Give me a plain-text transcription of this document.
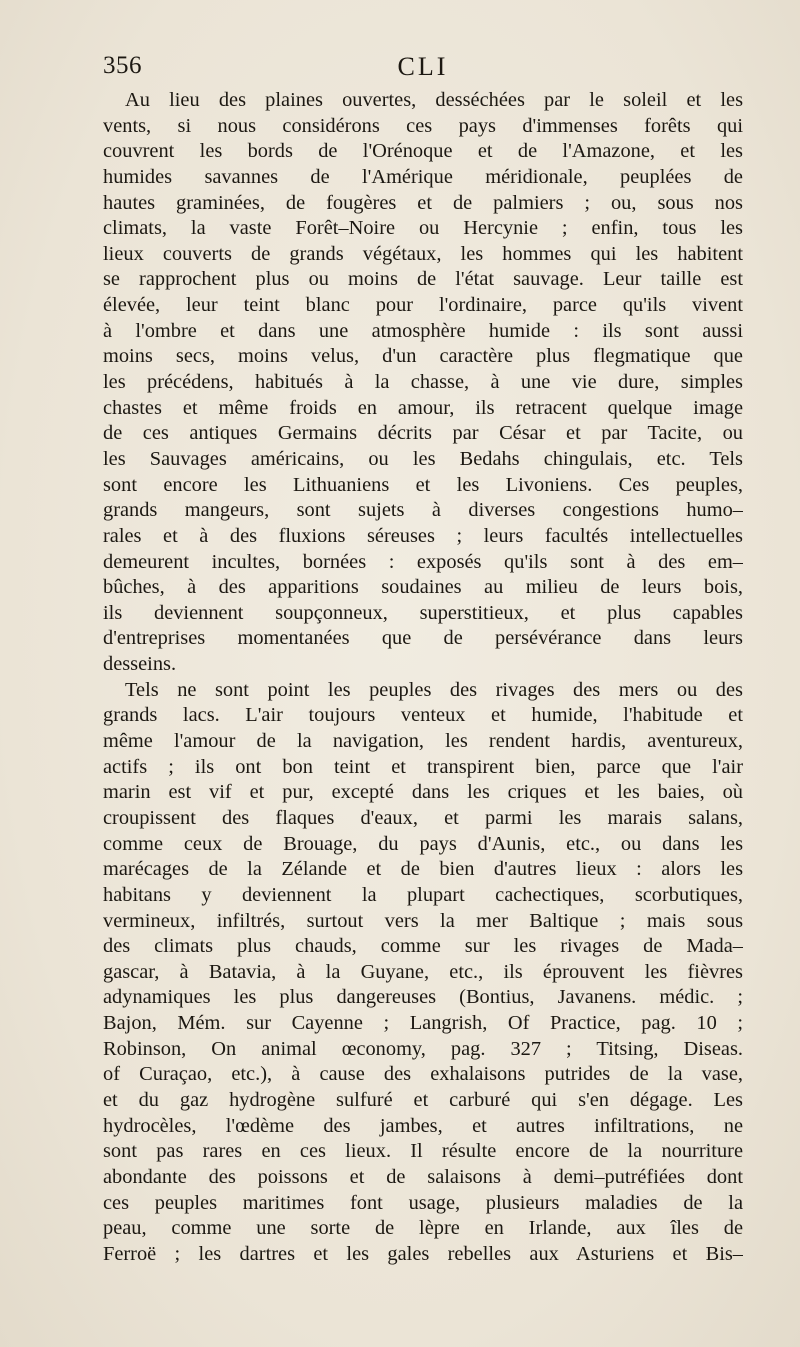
356	CLI
Au lieu des plaines ouvertes, desséchées par le soleil et les
vents, si nous considérons ces pays d'immenses forêts qui
couvrent les bords de l'Orénoque et de l'Amazone, et les
humides savannes de l'Amérique méridionale, peuplées de
hautes graminées, de fougères et de palmiers ; ou, sous nos
climats, la vaste Forêt–Noire ou Hercynie ; enfin, tous les
lieux couverts de grands végétaux, les hommes qui les habitent
se rapprochent plus ou moins de l'état sauvage. Leur taille est
élevée, leur teint blanc pour l'ordinaire, parce qu'ils vivent
à l'ombre et dans une atmosphère humide : ils sont aussi
moins secs, moins velus, d'un caractère plus flegmatique que
les précédens, habitués à la chasse, à une vie dure, simples
chastes et même froids en amour, ils retracent quelque image
de ces antiques Germains décrits par César et par Tacite, ou
les Sauvages américains, ou les Bedahs chingulais, etc. Tels
sont encore les Lithuaniens et les Livoniens. Ces peuples,
grands mangeurs, sont sujets à diverses congestions humo–
rales et à des fluxions séreuses ; leurs facultés intellectuelles
demeurent incultes, bornées : exposés qu'ils sont à des em–
bûches, à des apparitions soudaines au milieu de leurs bois,
ils deviennent soupçonneux, superstitieux, et plus capables
d'entreprises momentanées que de persévérance dans leurs
desseins.
Tels ne sont point les peuples des rivages des mers ou des
grands lacs. L'air toujours venteux et humide, l'habitude et
même l'amour de la navigation, les rendent hardis, aventureux,
actifs ; ils ont bon teint et transpirent bien, parce que l'air
marin est vif et pur, excepté dans les criques et les baies, où
croupissent des flaques d'eaux, et parmi les marais salans,
comme ceux de Brouage, du pays d'Aunis, etc., ou dans les
marécages de la Zélande et de bien d'autres lieux : alors les
habitans y deviennent la plupart cachectiques, scorbutiques,
vermineux, infiltrés, surtout vers la mer Baltique ; mais sous
des climats plus chauds, comme sur les rivages de Mada–
gascar, à Batavia, à la Guyane, etc., ils éprouvent les fièvres
adynamiques les plus dangereuses (Bontius, Javanens. médic. ;
Bajon, Mém. sur Cayenne ; Langrish, Of Practice, pag. 10 ;
Robinson, On animal œconomy, pag. 327 ; Titsing, Diseas.
of Curaçao, etc.), à cause des exhalaisons putrides de la vase,
et du gaz hydrogène sulfuré et carburé qui s'en dégage. Les
hydrocèles, l'œdème des jambes, et autres infiltrations, ne
sont pas rares en ces lieux. Il résulte encore de la nourriture
abondante des poissons et de salaisons à demi–putréfiées dont
ces peuples maritimes font usage, plusieurs maladies de la
peau, comme une sorte de lèpre en Irlande, aux îles de
Ferroë ; les dartres et les gales rebelles aux Asturiens et Bis–
